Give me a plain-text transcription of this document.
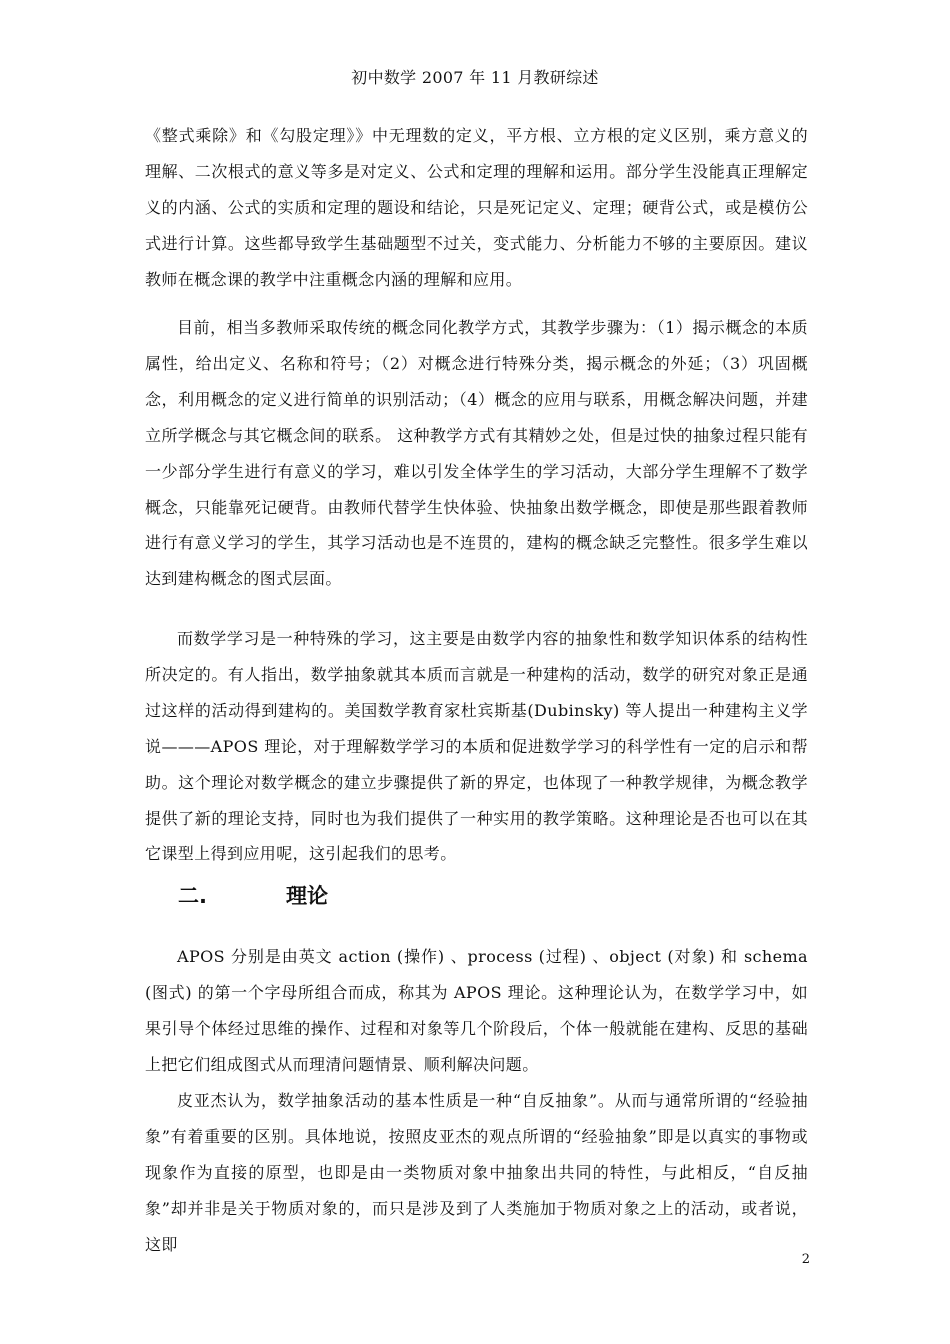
初中数学 2007 年 11 月教研综述

《整式乘除》和《勾股定理》》中无理数的定义，平方根、立方根的定义区别，乘方意义的理解、二次根式的意义等多是对定义、公式和定理的理解和运用。部分学生没能真正理解定义的内涵、公式的实质和定理的题设和结论，只是死记定义、定理；硬背公式，或是模仿公式进行计算。这些都导致学生基础题型不过关，变式能力、分析能力不够的主要原因。建议教师在概念课的教学中注重概念内涵的理解和应用。

目前，相当多教师采取传统的概念同化教学方式，其教学步骤为：（1）揭示概念的本质属性，给出定义、名称和符号；（2）对概念进行特殊分类，揭示概念的外延；（3）巩固概念，利用概念的定义进行简单的识别活动；（4）概念的应用与联系，用概念解决问题，并建立所学概念与其它概念间的联系。 这种教学方式有其精妙之处，但是过快的抽象过程只能有一少部分学生进行有意义的学习，难以引发全体学生的学习活动，大部分学生理解不了数学概念，只能靠死记硬背。由教师代替学生快体验、快抽象出数学概念，即使是那些跟着教师进行有意义学习的学生，其学习活动也是不连贯的，建构的概念缺乏完整性。很多学生难以达到建构概念的图式层面。

而数学学习是一种特殊的学习，这主要是由数学内容的抽象性和数学知识体系的结构性所决定的。有人指出，数学抽象就其本质而言就是一种建构的活动，数学的研究对象正是通过这样的活动得到建构的。美国数学教育家杜宾斯基(Dubinsky) 等人提出一种建构主义学说———APOS 理论，对于理解数学学习的本质和促进数学学习的科学性有一定的启示和帮助。这个理论对数学概念的建立步骤提供了新的界定，也体现了一种教学规律，为概念教学提供了新的理论支持，同时也为我们提供了一种实用的教学策略。这种理论是否也可以在其它课型上得到应用呢，这引起我们的思考。

二.	理论

APOS 分别是由英文 action (操作) 、process (过程) 、object (对象) 和 schema (图式) 的第一个字母所组合而成，称其为 APOS 理论。这种理论认为，在数学学习中，如果引导个体经过思维的操作、过程和对象等几个阶段后，个体一般就能在建构、反思的基础上把它们组成图式从而理清问题情景、顺利解决问题。

皮亚杰认为，数学抽象活动的基本性质是一种“自反抽象”。从而与通常所谓的“经验抽象”有着重要的区别。具体地说，按照皮亚杰的观点所谓的“经验抽象”即是以真实的事物或现象作为直接的原型，也即是由一类物质对象中抽象出共同的特性，与此相反，“自反抽象”却并非是关于物质对象的，而只是涉及到了人类施加于物质对象之上的活动，或者说，这即

2
